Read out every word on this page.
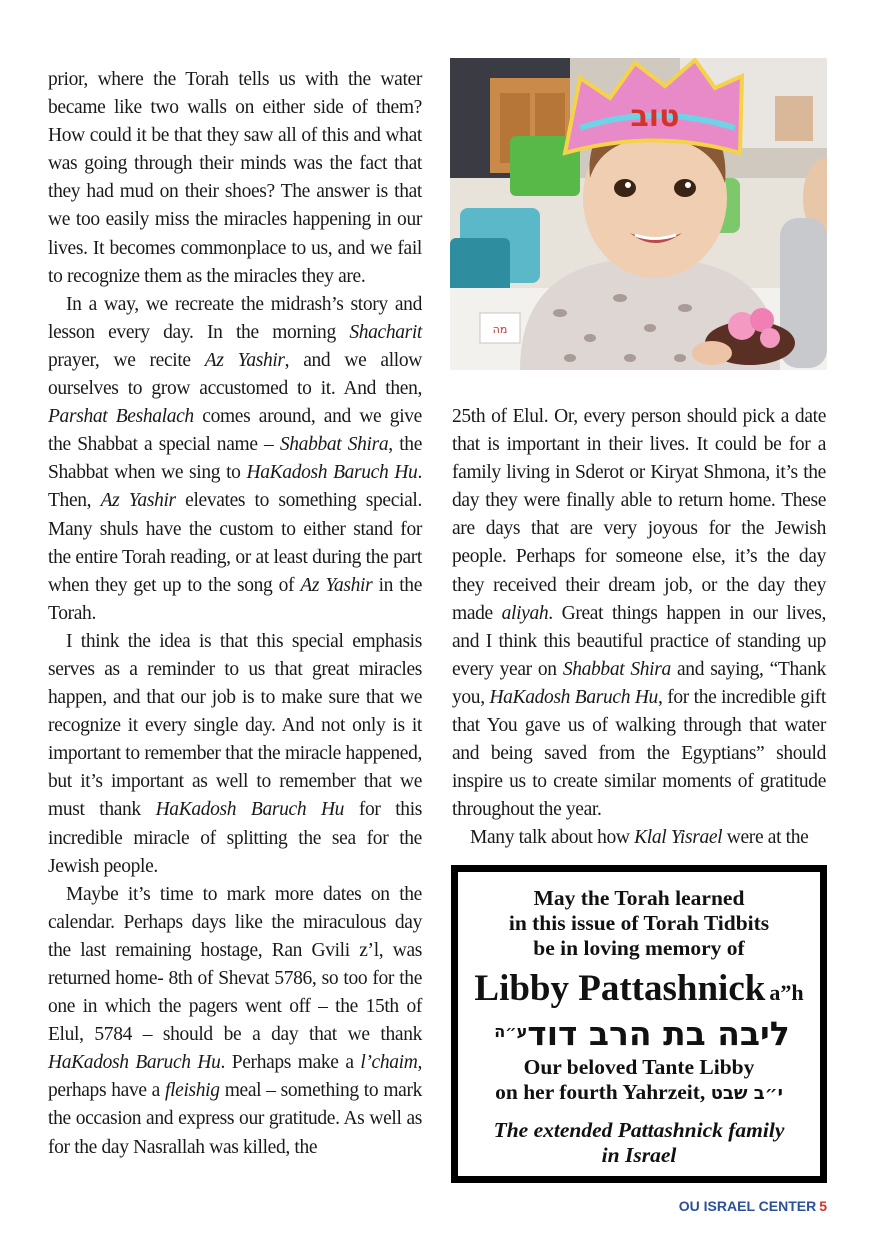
prior, where the Torah tells us with the water became like two walls on either side of them? How could it be that they saw all of this and what was going through their minds was the fact that they had mud on their shoes? The answer is that we too easily miss the miracles happening in our lives. It becomes commonplace to us, and we fail to recognize them as the miracles they are.

In a way, we recreate the midrash’s story and lesson every day. In the morning Shacharit prayer, we recite Az Yashir, and we allow ourselves to grow accustomed to it. And then, Parshat Beshalach comes around, and we give the Shabbat a special name – Shabbat Shira, the Shabbat when we sing to HaKadosh Baruch Hu. Then, Az Yashir elevates to something special. Many shuls have the custom to either stand for the entire Torah reading, or at least during the part when they get up to the song of Az Yashir in the Torah.

I think the idea is that this special emphasis serves as a reminder to us that great miracles happen, and that our job is to make sure that we recognize it every single day. And not only is it important to remember that the miracle happened, but it’s important as well to remember that we must thank HaKadosh Baruch Hu for this incredible miracle of splitting the sea for the Jewish people.

Maybe it’s time to mark more dates on the calendar. Perhaps days like the miraculous day the last remaining hostage, Ran Gvili z’l, was returned home- 8th of Shevat 5786, so too for the one in which the pagers went off – the 15th of Elul, 5784 – should be a day that we thank HaKadosh Baruch Hu. Perhaps make a l’chaim, perhaps have a fleishig meal – something to mark the occasion and express our gratitude. As well as for the day Nasrallah was killed, the

מה
טוב

25th of Elul. Or, every person should pick a date that is important in their lives. It could be for a family living in Sderot or Kiryat Shmona, it’s the day they were finally able to return home. These are days that are very joyous for the Jewish people. Perhaps for someone else, it’s the day they received their dream job, or the day they made aliyah. Great things happen in our lives, and I think this beautiful practice of standing up every year on Shabbat Shira and saying, “Thank you, HaKadosh Baruch Hu, for the incredible gift that You gave us of walking through that water and being saved from the Egyptians” should inspire us to create similar moments of gratitude throughout the year.

Many talk about how Klal Yisrael were at the

May the Torah learned

in this issue of Torah Tidbits

be in loving memory of

Libby Pattashnick a”h
ליבה בת הרב דוד$^{ע״ה}$

Our beloved Tante Libby

on her fourth Yahrzeit, י״ב שבט

The extended Pattashnick family

in Israel

OU ISRAEL CENTER 5
